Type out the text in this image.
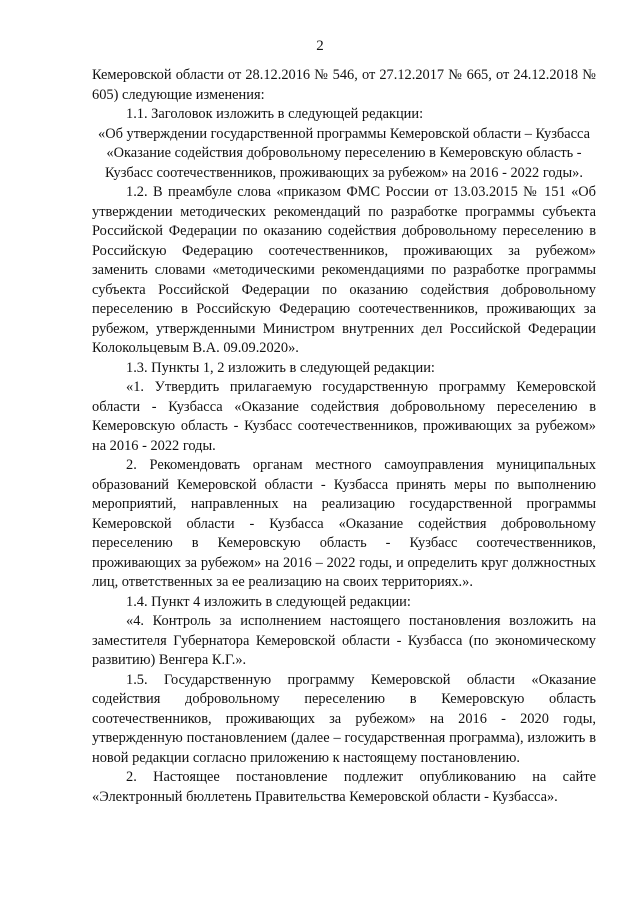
2

Кемеровской области от 28.12.2016 № 546, от 27.12.2017 № 665, от 24.12.2018 № 605) следующие изменения:

1.1. Заголовок изложить в следующей редакции:

«Об утверждении государственной программы Кемеровской области – Кузбасса «Оказание содействия добровольному переселению в Кемеровскую область - Кузбасс соотечественников, проживающих за рубежом» на 2016 - 2022 годы».

1.2. В преамбуле слова «приказом ФМС России от 13.03.2015 № 151 «Об утверждении методических рекомендаций по разработке программы субъекта Российской Федерации по оказанию содействия добровольному переселению в Российскую Федерацию соотечественников, проживающих за рубежом» заменить словами «методическими рекомендациями по разработке программы субъекта Российской Федерации по оказанию содействия добровольному переселению в Российскую Федерацию соотечественников, проживающих за рубежом, утвержденными Министром внутренних дел Российской Федерации Колокольцевым В.А. 09.09.2020».

1.3. Пункты 1, 2 изложить в следующей редакции:

«1. Утвердить прилагаемую государственную программу Кемеровской области - Кузбасса «Оказание содействия добровольному переселению в Кемеровскую область - Кузбасс соотечественников, проживающих за рубежом» на 2016 - 2022 годы.

2. Рекомендовать органам местного самоуправления муниципальных образований Кемеровской области - Кузбасса принять меры по выполнению мероприятий, направленных на реализацию государственной программы Кемеровской области - Кузбасса «Оказание содействия добровольному переселению в Кемеровскую область - Кузбасс соотечественников, проживающих за рубежом» на 2016 – 2022 годы, и определить круг должностных лиц, ответственных за ее реализацию на своих территориях.».

1.4. Пункт 4 изложить в следующей редакции:

«4. Контроль за исполнением настоящего постановления возложить на заместителя Губернатора Кемеровской области - Кузбасса (по экономическому развитию) Венгера К.Г.».

1.5. Государственную программу Кемеровской области «Оказание содействия добровольному переселению в Кемеровскую область соотечественников, проживающих за рубежом» на 2016 - 2020 годы, утвержденную постановлением (далее – государственная программа), изложить в новой редакции согласно приложению к настоящему постановлению.

2. Настоящее постановление подлежит опубликованию на сайте «Электронный бюллетень Правительства Кемеровской области - Кузбасса».
